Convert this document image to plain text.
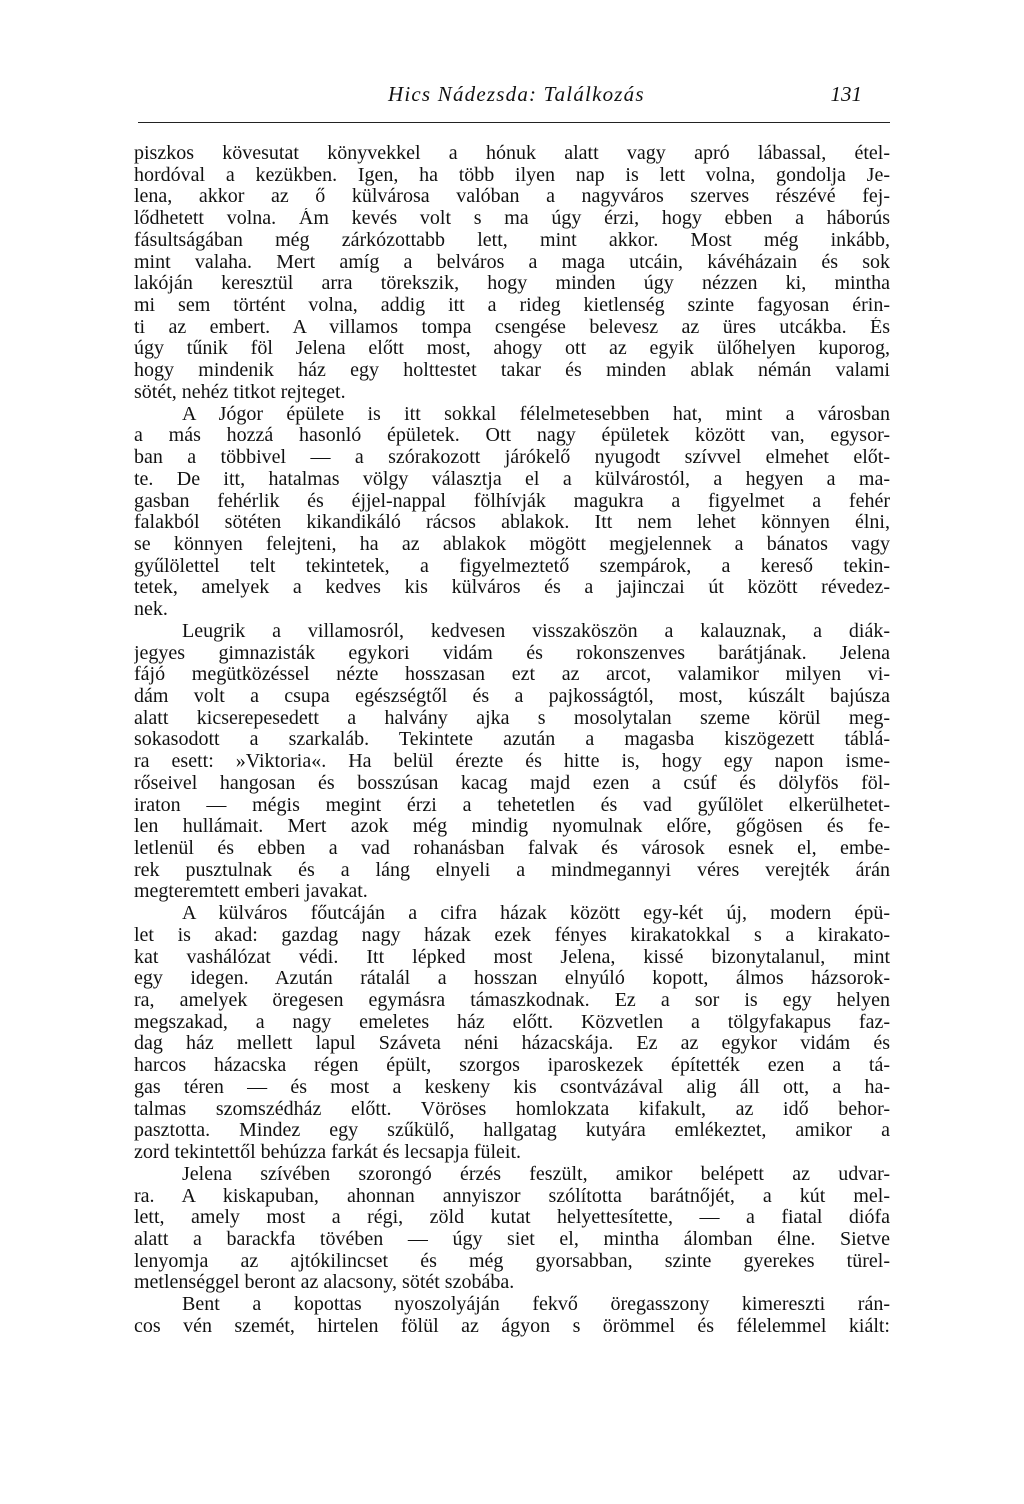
Hics Nádezsda: Találkozás	131
piszkos kövesutat könyvekkel a hónuk alatt vagy apró lábassal, étel-
hordóval a kezükben. Igen, ha több ilyen nap is lett volna, gondolja Je-
lena, akkor az ő külvárosa valóban a nagyváros szerves részévé fej-
lődhetett volna. Ám kevés volt s ma úgy érzi, hogy ebben a háborús
fásultságában még zárkózottabb lett, mint akkor. Most még inkább,
mint valaha. Mert amíg a belváros a maga utcáin, kávéházain és sok
lakóján keresztül arra törekszik, hogy minden úgy nézzen ki, mintha
mi sem történt volna, addig itt a rideg kietlenség szinte fagyosan érin-
ti az embert. A villamos tompa csengése belevesz az üres utcákba. És
úgy tűnik föl Jelena előtt most, ahogy ott az egyik ülőhelyen kuporog,
hogy mindenik ház egy holttestet takar és minden ablak némán valami
sötét, nehéz titkot rejteget.
A Jógor épülete is itt sokkal félelmetesebben hat, mint a városban
a más hozzá hasonló épületek. Ott nagy épületek között van, egysor-
ban a többivel — a szórakozott járókelő nyugodt szívvel elmehet előt-
te. De itt, hatalmas völgy választja el a külvárostól, a hegyen a ma-
gasban fehérlik és éjjel-nappal fölhívják magukra a figyelmet a fehér
falakból sötéten kikandikáló rácsos ablakok. Itt nem lehet könnyen élni,
se könnyen felejteni, ha az ablakok mögött megjelennek a bánatos vagy
gyűlölettel telt tekintetek, a figyelmeztető szempárok, a kereső tekin-
tetek, amelyek a kedves kis külváros és a jajinczai út között révedez-
nek.
Leugrik a villamosról, kedvesen visszaköszön a kalauznak, a diák-
jegyes gimnazisták egykori vidám és rokonszenves barátjának. Jelena
fájó megütközéssel nézte hosszasan ezt az arcot, valamikor milyen vi-
dám volt a csupa egészségtől és a pajkosságtól, most, kúszált bajúsza
alatt kicserepesedett a halvány ajka s mosolytalan szeme körül meg-
sokasodott a szarkaláb. Tekintete azután a magasba kiszögezett táblá-
ra esett: »Viktoria«. Ha belül érezte és hitte is, hogy egy napon isme-
rőseivel hangosan és bosszúsan kacag majd ezen a csúf és dölyfös föl-
iraton — mégis megint érzi a tehetetlen és vad gyűlölet elkerülhetet-
len hullámait. Mert azok még mindig nyomulnak előre, gőgösen és fe-
letlenül és ebben a vad rohanásban falvak és városok esnek el, embe-
rek pusztulnak és a láng elnyeli a mindmegannyi véres verejték árán
megteremtett emberi javakat.
A külváros főutcáján a cifra házak között egy-két új, modern épü-
let is akad: gazdag nagy házak ezek fényes kirakatokkal s a kirakato-
kat vashálózat védi. Itt lépked most Jelena, kissé bizonytalanul, mint
egy idegen. Azután rátalál a hosszan elnyúló kopott, álmos házsorok-
ra, amelyek öregesen egymásra támaszkodnak. Ez a sor is egy helyen
megszakad, a nagy emeletes ház előtt. Közvetlen a tölgyfakapus faz-
dag ház mellett lapul Száveta néni házacskája. Ez az egykor vidám és
harcos házacska régen épült, szorgos iparoskezek építették ezen a tá-
gas téren — és most a keskeny kis csontvázával alig áll ott, a ha-
talmas szomszédház előtt. Vöröses homlokzata kifakult, az idő behor-
pasztotta. Mindez egy szűkülő, hallgatag kutyára emlékeztet, amikor a
zord tekintettől behúzza farkát és lecsapja füleit.
Jelena szívében szorongó érzés feszült, amikor belépett az udvar-
ra. A kiskapuban, ahonnan annyiszor szólította barátnőjét, a kút mel-
lett, amely most a régi, zöld kutat helyettesítette, — a fiatal diófa
alatt a barackfa tövében — úgy siet el, mintha álomban élne. Sietve
lenyomja az ajtókilincset és még gyorsabban, szinte gyerekes türel-
metlenséggel beront az alacsony, sötét szobába.
Bent a kopottas nyoszolyáján fekvő öregasszony kimereszti rán-
cos vén szemét, hirtelen fölül az ágyon s örömmel és félelemmel kiált:
